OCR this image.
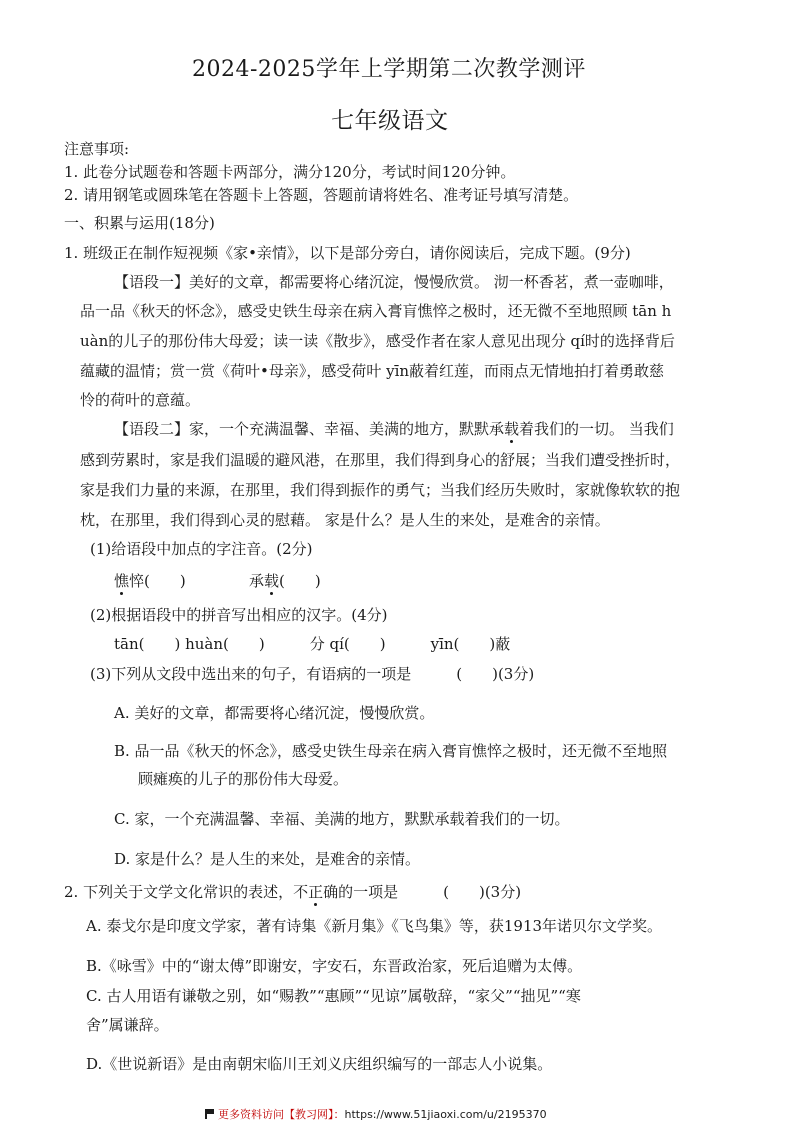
2024-2025学年上学期第二次教学测评
七年级语文
注意事项:
1. 此卷分试题卷和答题卡两部分，满分120分，考试时间120分钟。
2. 请用钢笔或圆珠笔在答题卡上答题，答题前请将姓名、准考证号填写清楚。
一、积累与运用(18分)
1. 班级正在制作短视频《家•亲情》，以下是部分旁白，请你阅读后，完成下题。(9分)
【语段一】美好的文章，都需要将心绪沉淀，慢慢欣赏。 沏一杯香茗，煮一壶咖啡，
品一品《秋天的怀念》，感受史铁生母亲在病入膏肓憔悴之极时，还无微不至地照顾 tān h
uàn的儿子的那份伟大母爱；读一读《散步》，感受作者在家人意见出现分 qí时的选择背后
蕴藏的温情；赏一赏《荷叶•母亲》，感受荷叶 yīn蔽着红莲，而雨点无情地拍打着勇敢慈
怜的荷叶的意蕴。
【语段二】家，一个充满温馨、幸福、美满的地方，默默承载着我们的一切。 当我们
感到劳累时，家是我们温暖的避风港，在那里，我们得到身心的舒展；当我们遭受挫折时，
家是我们力量的来源，在那里，我们得到振作的勇气；当我们经历失败时，家就像软软的抱
枕，在那里，我们得到心灵的慰藉。 家是什么？是人生的来处，是难舍的亲情。
(1)给语段中加点的字注音。(2分)
憔悴(　　)	承载(　　)
(2)根据语段中的拼音写出相应的汉字。(4分)
tān(　　) huàn(　　)　　　分 qí(　　)　　　yīn(　　)蔽
(3)下列从文段中选出来的句子，有语病的一项是　　　(　　)(3分)
A. 美好的文章，都需要将心绪沉淀，慢慢欣赏。
B. 品一品《秋天的怀念》，感受史铁生母亲在病入膏肓憔悴之极时，还无微不至地照
顾瘫痪的儿子的那份伟大母爱。
C. 家，一个充满温馨、幸福、美满的地方，默默承载着我们的一切。
D. 家是什么？是人生的来处，是难舍的亲情。
2. 下列关于文学文化常识的表述，不正确的一项是　　　(　　)(3分)
A. 泰戈尔是印度文学家，著有诗集《新月集》《飞鸟集》等，获1913年诺贝尔文学奖。
B.《咏雪》中的“谢太傅”即谢安，字安石，东晋政治家，死后追赠为太傅。
C. 古人用语有谦敬之别，如“赐教”“惠顾”“见谅”属敬辞，“家父”“拙见”“寒
舍”属谦辞。
D.《世说新语》是由南朝宋临川王刘义庆组织编写的一部志人小说集。
更多资料访问【教习网】：https://www.51jiaoxi.com/u/2195370
